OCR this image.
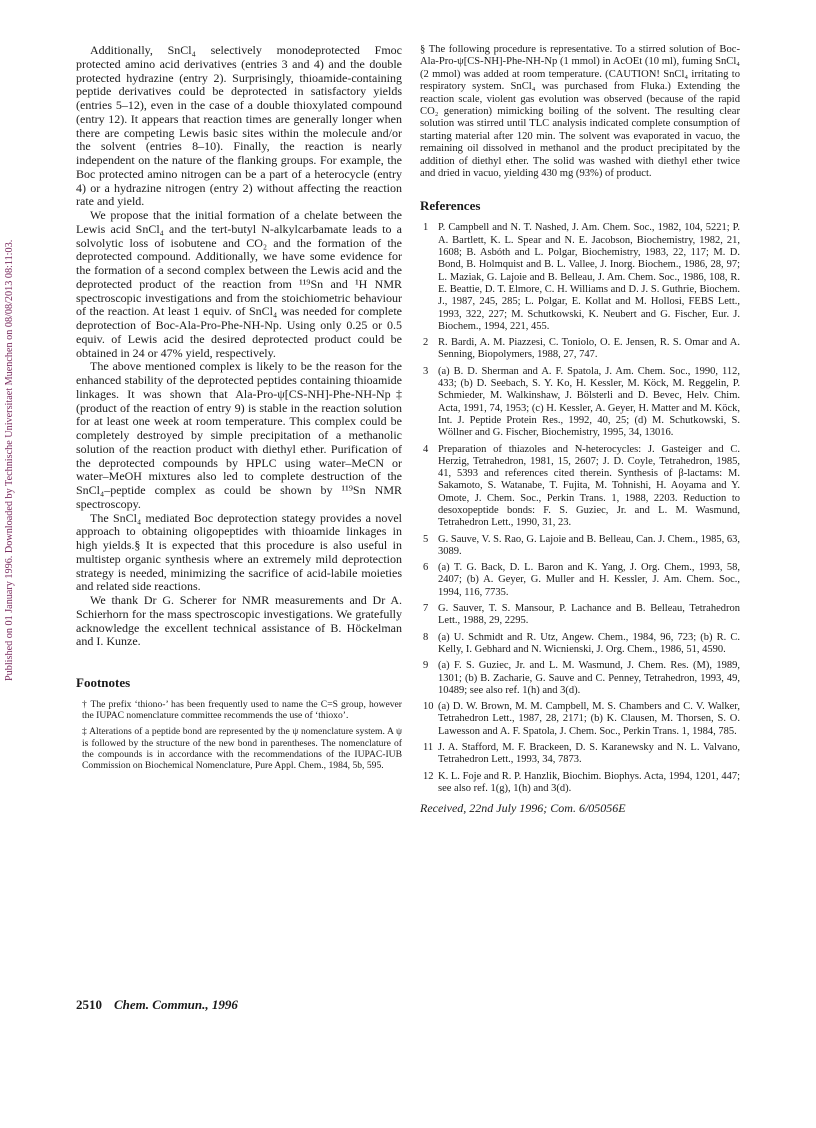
Published on 01 January 1996. Downloaded by Technische Universitaet Muenchen on 08/08/2013 08:11:03.

Additionally, SnCl₄ selectively monodeprotected Fmoc protected amino acid derivatives (entries 3 and 4) and the double protected hydrazine (entry 2). Surprisingly, thioamide-containing peptide derivatives could be deprotected in satisfactory yields (entries 5–12), even in the case of a double thioxylated compound (entry 12). It appears that reaction times are generally longer when there are competing Lewis basic sites within the molecule and/or the solvent (entries 8–10). Finally, the reaction is nearly independent on the nature of the flanking groups. For example, the Boc protected amino nitrogen can be a part of a heterocycle (entry 4) or a hydrazine nitrogen (entry 2) without affecting the reaction rate and yield.

We propose that the initial formation of a chelate between the Lewis acid SnCl₄ and the tert-butyl N-alkylcarbamate leads to a solvolytic loss of isobutene and CO₂ and the formation of the deprotected compound. Additionally, we have some evidence for the formation of a second complex between the Lewis acid and the deprotected product of the reaction from ¹¹⁹Sn and ¹H NMR spectroscopic investigations and from the stoichiometric behaviour of the reaction. At least 1 equiv. of SnCl₄ was needed for complete deprotection of Boc-Ala-Pro-Phe-NH-Np. Using only 0.25 or 0.5 equiv. of Lewis acid the desired deprotected product could be obtained in 24 or 47% yield, respectively.

The above mentioned complex is likely to be the reason for the enhanced stability of the deprotected peptides containing thioamide linkages. It was shown that Ala-Pro-ψ[CS-NH]-Phe-NH-Np‡ (product of the reaction of entry 9) is stable in the reaction solution for at least one week at room temperature. This complex could be completely destroyed by simple precipitation of a methanolic solution of the reaction product with diethyl ether. Purification of the deprotected compounds by HPLC using water–MeCN or water–MeOH mixtures also led to complete destruction of the SnCl₄–peptide complex as could be shown by ¹¹⁹Sn NMR spectroscopy.

The SnCl₄ mediated Boc deprotection stategy provides a novel approach to obtaining oligopeptides with thioamide linkages in high yields.§ It is expected that this procedure is also useful in multistep organic synthesis where an extremely mild deprotection strategy is needed, minimizing the sacrifice of acid-labile moieties and related side reactions.

We thank Dr G. Scherer for NMR measurements and Dr A. Schierhorn for the mass spectroscopic investigations. We gratefully acknowledge the excellent technical assistance of B. Höckelman and I. Kunze.

Footnotes

† The prefix ‘thiono-’ has been frequently used to name the C=S group, however the IUPAC nomenclature committee recommends the use of ‘thioxo’.

‡ Alterations of a peptide bond are represented by the ψ nomenclature system. A ψ is followed by the structure of the new bond in parentheses. The nomenclature of the compounds is in accordance with the recommendations of the IUPAC-IUB Commission on Biochemical Nomenclature, Pure Appl. Chem., 1984, 5b, 595.

§ The following procedure is representative. To a stirred solution of Boc-Ala-Pro-ψ[CS-NH]-Phe-NH-Np (1 mmol) in AcOEt (10 ml), fuming SnCl₄ (2 mmol) was added at room temperature. (CAUTION! SnCl₄ irritating to respiratory system. SnCl₄ was purchased from Fluka.) Extending the reaction scale, violent gas evolution was observed (because of the rapid CO₂ generation) mimicking boiling of the solvent. The resulting clear solution was stirred until TLC analysis indicated complete consumption of starting material after 120 min. The solvent was evaporated in vacuo, the remaining oil dissolved in methanol and the product precipitated by the addition of diethyl ether. The solid was washed with diethyl ether twice and dried in vacuo, yielding 430 mg (93%) of product.

References
1 P. Campbell and N. T. Nashed, J. Am. Chem. Soc., 1982, 104, 5221; P. A. Bartlett, K. L. Spear and N. E. Jacobson, Biochemistry, 1982, 21, 1608; B. Asbóth and L. Polgar, Biochemistry, 1983, 22, 117; M. D. Bond, B. Holmquist and B. L. Vallee, J. Inorg. Biochem., 1986, 28, 97; L. Maziak, G. Lajoie and B. Belleau, J. Am. Chem. Soc., 1986, 108, R. E. Beattie, D. T. Elmore, C. H. Williams and D. J. S. Guthrie, Biochem. J., 1987, 245, 285; L. Polgar, E. Kollat and M. Hollosi, FEBS Lett., 1993, 322, 227; M. Schutkowski, K. Neubert and G. Fischer, Eur. J. Biochem., 1994, 221, 455.
2 R. Bardi, A. M. Piazzesi, C. Toniolo, O. E. Jensen, R. S. Omar and A. Senning, Biopolymers, 1988, 27, 747.
3 (a) B. D. Sherman and A. F. Spatola, J. Am. Chem. Soc., 1990, 112, 433; (b) D. Seebach, S. Y. Ko, H. Kessler, M. Köck, M. Reggelin, P. Schmieder, M. Walkinshaw, J. Bölsterli and D. Bevec, Helv. Chim. Acta, 1991, 74, 1953; (c) H. Kessler, A. Geyer, H. Matter and M. Köck, Int. J. Peptide Protein Res., 1992, 40, 25; (d) M. Schutkowski, S. Wöllner and G. Fischer, Biochemistry, 1995, 34, 13016.
4 Preparation of thiazoles and N-heterocycles: J. Gasteiger and C. Herzig, Tetrahedron, 1981, 15, 2607; J. D. Coyle, Tetrahedron, 1985, 41, 5393 and references cited therein. Synthesis of β-lactams: M. Sakamoto, S. Watanabe, T. Fujita, M. Tohnishi, H. Aoyama and Y. Omote, J. Chem. Soc., Perkin Trans. 1, 1988, 2203. Reduction to desoxopeptide bonds: F. S. Guziec, Jr. and L. M. Wasmund, Tetrahedron Lett., 1990, 31, 23.
5 G. Sauve, V. S. Rao, G. Lajoie and B. Belleau, Can. J. Chem., 1985, 63, 3089.
6 (a) T. G. Back, D. L. Baron and K. Yang, J. Org. Chem., 1993, 58, 2407; (b) A. Geyer, G. Muller and H. Kessler, J. Am. Chem. Soc., 1994, 116, 7735.
7 G. Sauver, T. S. Mansour, P. Lachance and B. Belleau, Tetrahedron Lett., 1988, 29, 2295.
8 (a) U. Schmidt and R. Utz, Angew. Chem., 1984, 96, 723; (b) R. C. Kelly, I. Gebhard and N. Wicnienski, J. Org. Chem., 1986, 51, 4590.
9 (a) F. S. Guziec, Jr. and L. M. Wasmund, J. Chem. Res. (M), 1989, 1301; (b) B. Zacharie, G. Sauve and C. Penney, Tetrahedron, 1993, 49, 10489; see also ref. 1(h) and 3(d).
10 (a) D. W. Brown, M. M. Campbell, M. S. Chambers and C. V. Walker, Tetrahedron Lett., 1987, 28, 2171; (b) K. Clausen, M. Thorsen, S. O. Lawesson and A. F. Spatola, J. Chem. Soc., Perkin Trans. 1, 1984, 785.
11 J. A. Stafford, M. F. Brackeen, D. S. Karanewsky and N. L. Valvano, Tetrahedron Lett., 1993, 34, 7873.
12 K. L. Foje and R. P. Hanzlik, Biochim. Biophys. Acta, 1994, 1201, 447; see also ref. 1(g), 1(h) and 3(d).
Received, 22nd July 1996; Com. 6/05056E
2510 Chem. Commun., 1996
